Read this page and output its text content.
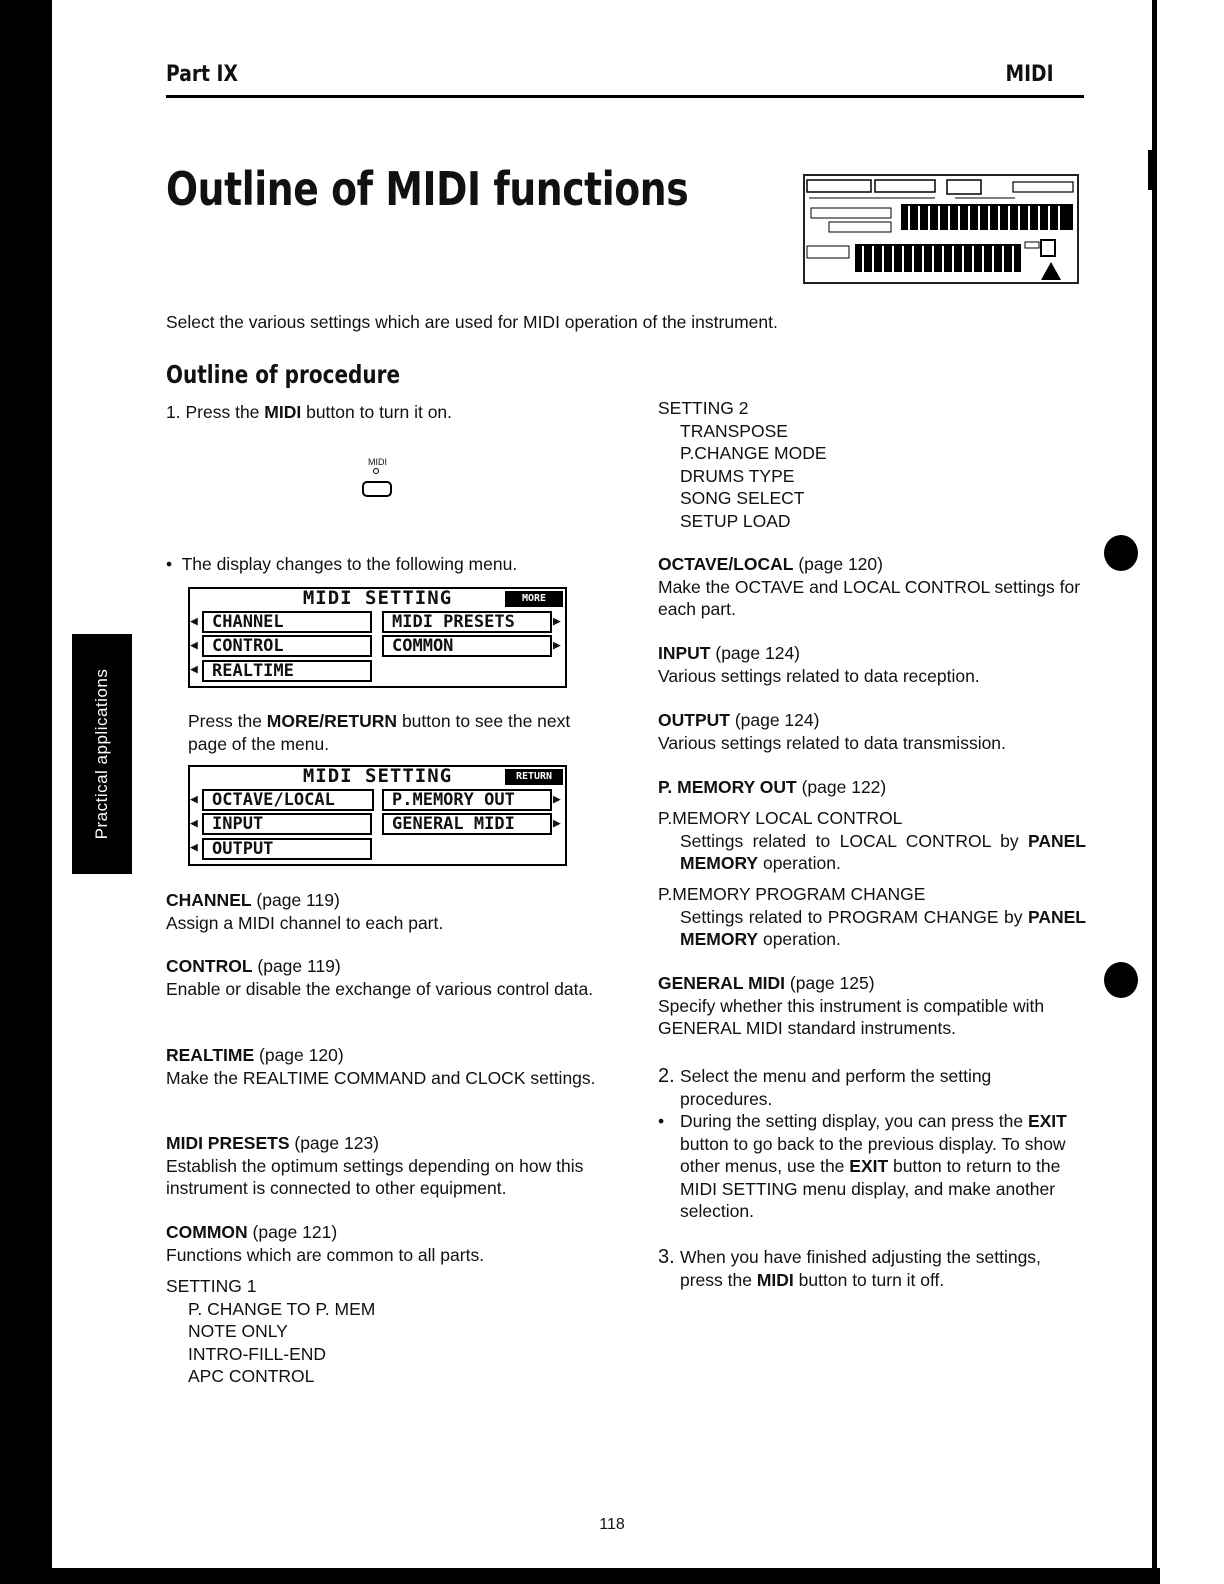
Part IX	MIDI
Outline of MIDI functions
Select the various settings which are used for MIDI operation of the instrument.
Outline of procedure
Practical applications
1. Press the MIDI button to turn it on.
MIDI
• The display changes to the following menu.
MIDI SETTING	MORE
◀ CHANNEL	MIDI PRESETS	▶
◀ CONTROL	COMMON	▶
◀ REALTIME
Press the MORE/RETURN button to see the next page of the menu.
MIDI SETTING	RETURN
◀ OCTAVE/LOCAL	P.MEMORY OUT	▶
◀ INPUT	GENERAL MIDI	▶
◀ OUTPUT

CHANNEL (page 119)

Assign a MIDI channel to each part.

CONTROL (page 119)

Enable or disable the exchange of various control data.

REALTIME (page 120)

Make the REALTIME COMMAND and CLOCK settings.

MIDI PRESETS (page 123)

Establish the optimum settings depending on how this instrument is connected to other equipment.

COMMON (page 121)

Functions which are common to all parts.

SETTING 1

P. CHANGE TO P. MEM

NOTE ONLY

INTRO-FILL-END

APC CONTROL

SETTING 2

TRANSPOSE

P.CHANGE MODE

DRUMS TYPE

SONG SELECT

SETUP LOAD

OCTAVE/LOCAL (page 120)

Make the OCTAVE and LOCAL CONTROL settings for each part.

INPUT (page 124)

Various settings related to data reception.

OUTPUT (page 124)

Various settings related to data transmission.

P. MEMORY OUT (page 122)

P.MEMORY LOCAL CONTROL

Settings related to LOCAL CONTROL by PANEL MEMORY operation.

P.MEMORY PROGRAM CHANGE

Settings related to PROGRAM CHANGE by PANEL MEMORY operation.

GENERAL MIDI (page 125)

Specify whether this instrument is compatible with GENERAL MIDI standard instruments.

2. Select the menu and perform the setting procedures.
• During the setting display, you can press the EXIT button to go back to the previous display. To show other menus, use the EXIT button to return to the MIDI SETTING menu display, and make another selection.
3. When you have finished adjusting the settings, press the MIDI button to turn it off.
118
